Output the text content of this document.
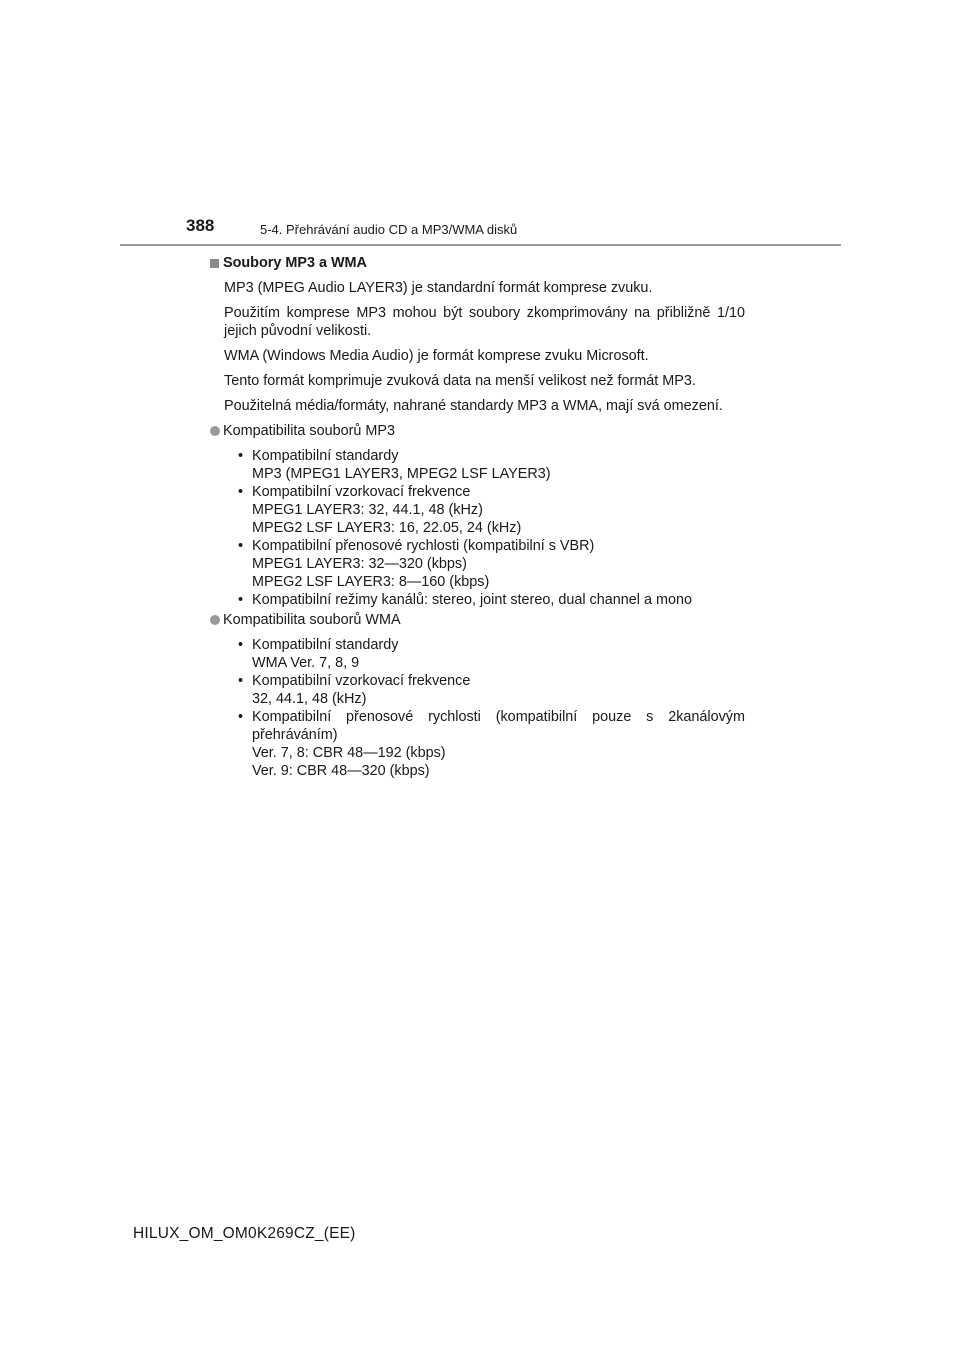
388	5-4. Přehrávání audio CD a MP3/WMA disků
Soubory MP3 a WMA
MP3 (MPEG Audio LAYER3) je standardní formát komprese zvuku.
Použitím komprese MP3 mohou být soubory zkomprimovány na přibližně 1/10 jejich původní velikosti.
WMA (Windows Media Audio) je formát komprese zvuku Microsoft.
Tento formát komprimuje zvuková data na menší velikost než formát MP3.
Použitelná média/formáty, nahrané standardy MP3 a WMA, mají svá omezení.
Kompatibilita souborů MP3
• Kompatibilní standardy
MP3 (MPEG1 LAYER3, MPEG2 LSF LAYER3)
• Kompatibilní vzorkovací frekvence
MPEG1 LAYER3: 32, 44.1, 48 (kHz)
MPEG2 LSF LAYER3: 16, 22.05, 24 (kHz)
• Kompatibilní přenosové rychlosti (kompatibilní s VBR)
MPEG1 LAYER3: 32—320 (kbps)
MPEG2 LSF LAYER3: 8—160 (kbps)
• Kompatibilní režimy kanálů: stereo, joint stereo, dual channel a mono
Kompatibilita souborů WMA
• Kompatibilní standardy
WMA Ver. 7, 8, 9
• Kompatibilní vzorkovací frekvence
32, 44.1, 48 (kHz)
• Kompatibilní přenosové rychlosti (kompatibilní pouze s 2kanálovým přehráváním)
Ver. 7, 8: CBR 48—192 (kbps)
Ver. 9: CBR 48—320 (kbps)
HILUX_OM_OM0K269CZ_(EE)
